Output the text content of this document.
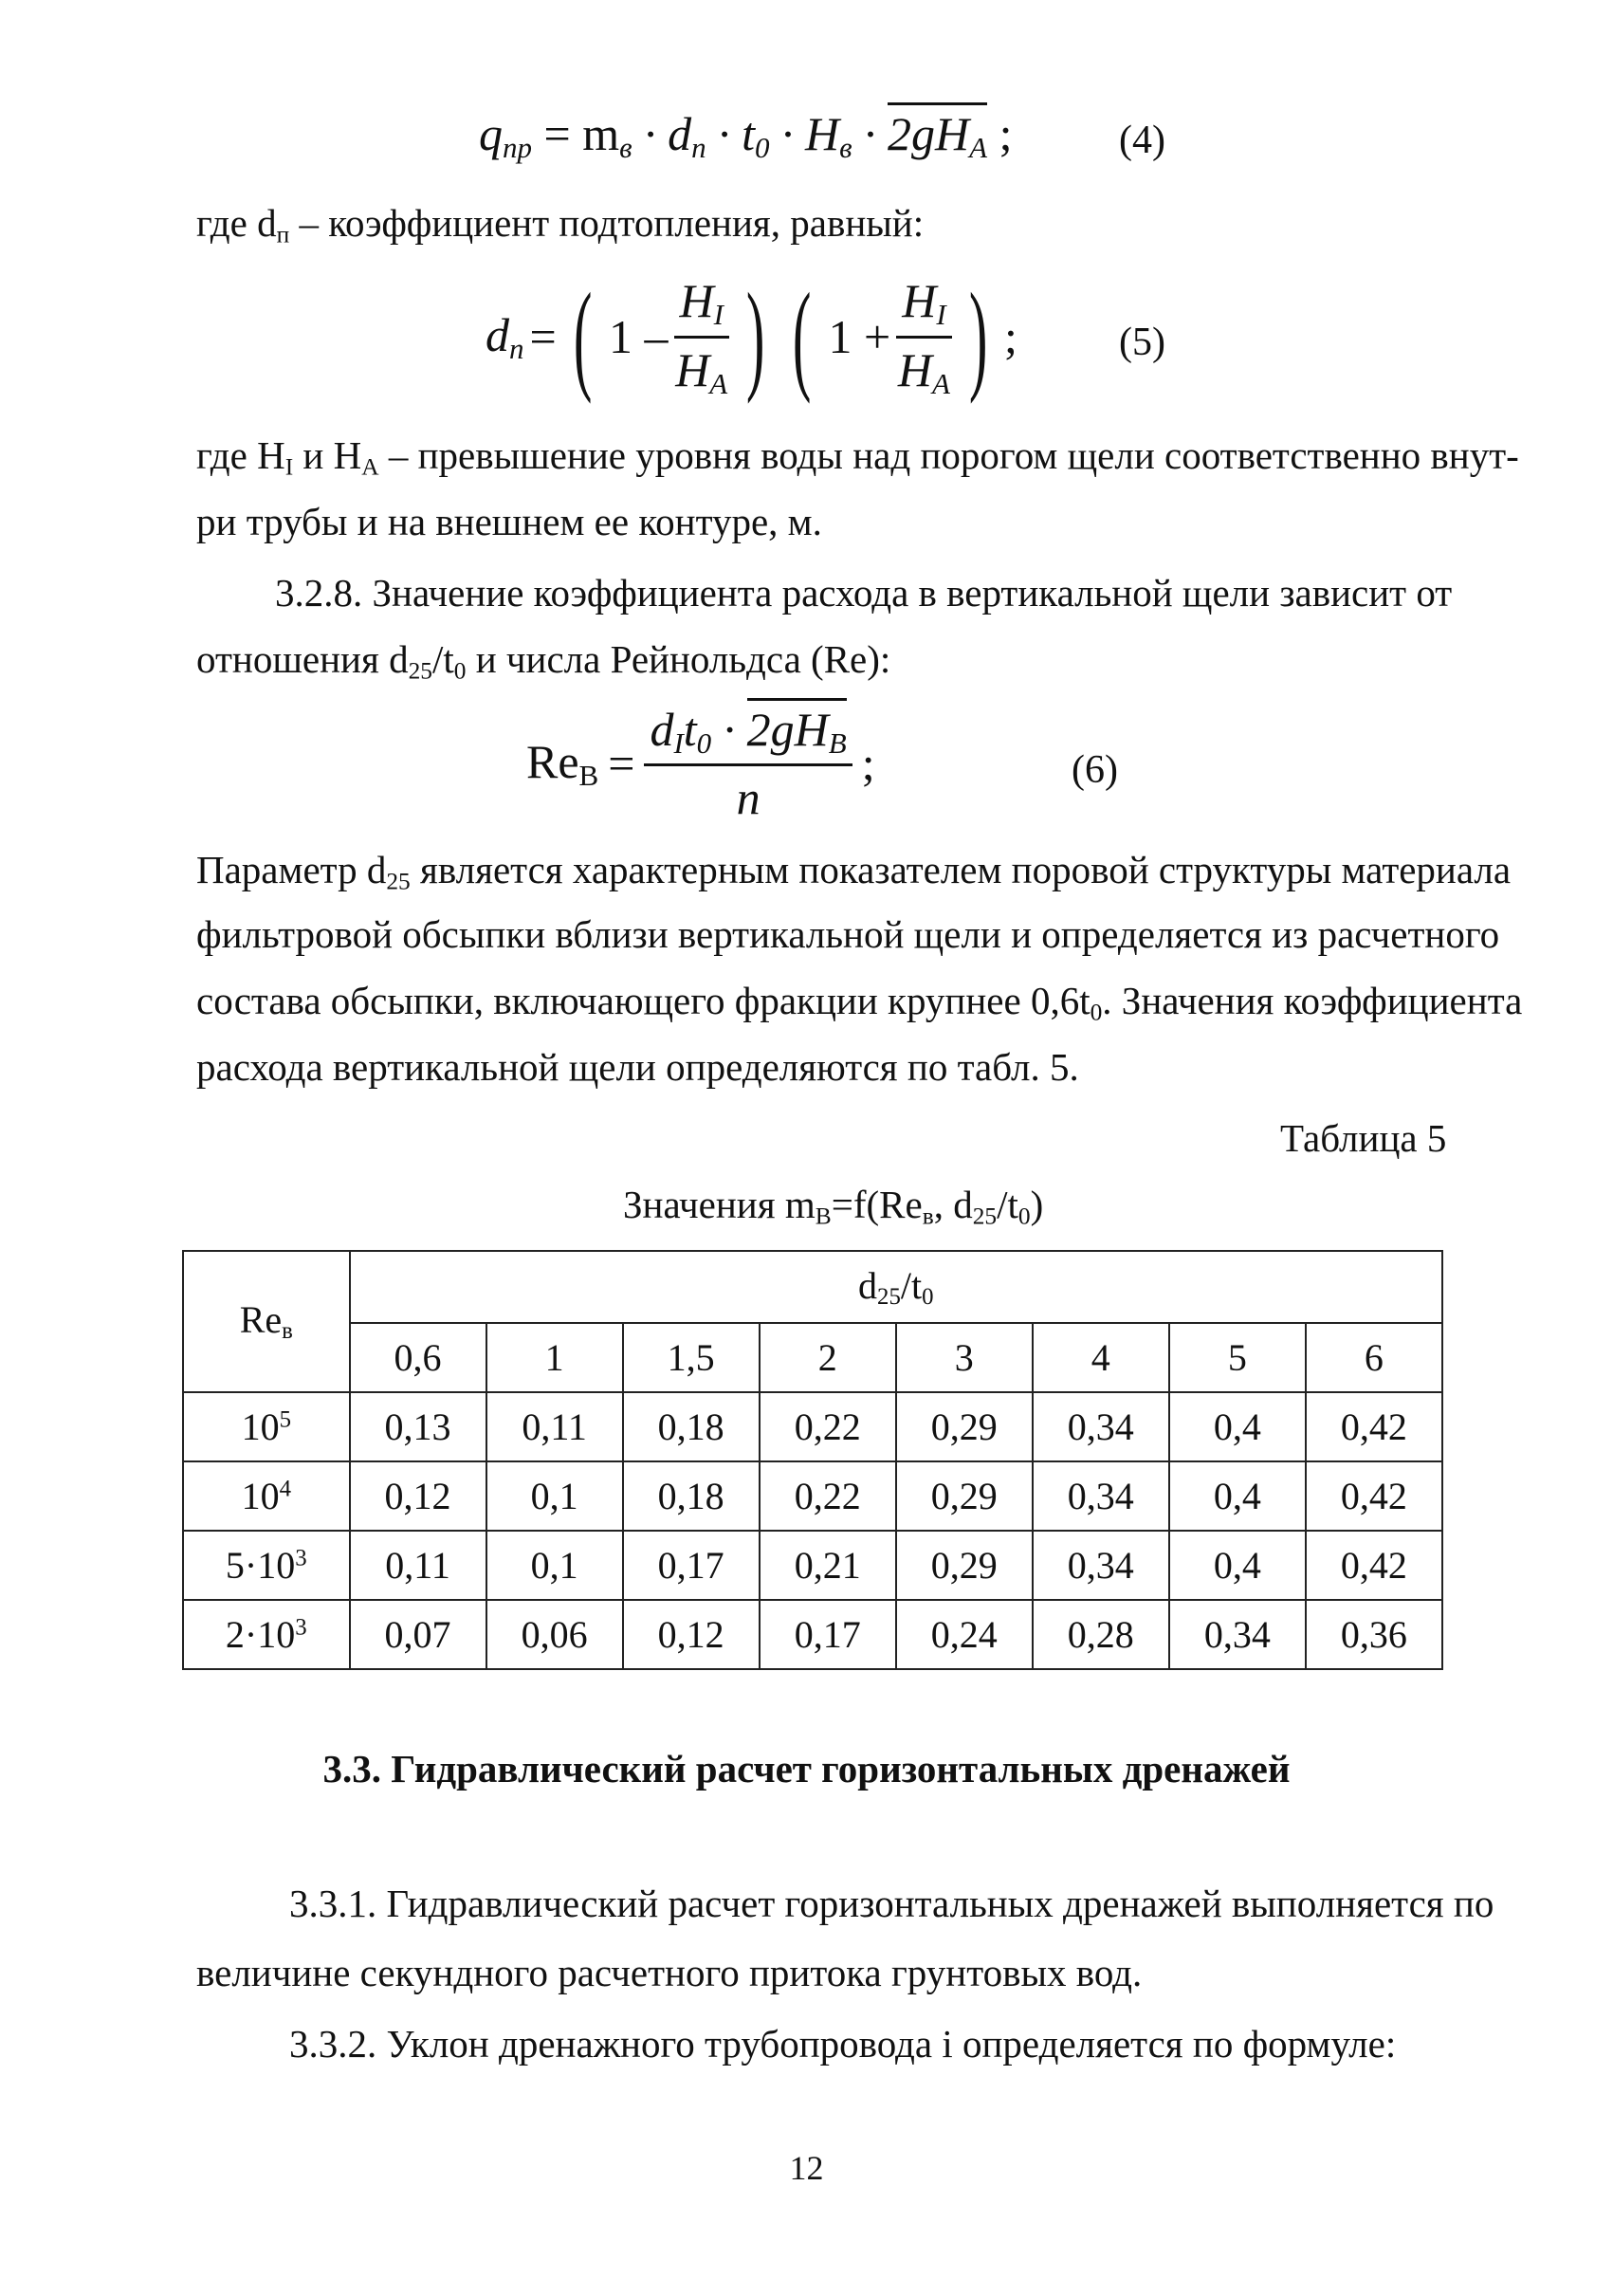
$q_{пр} = m_в \cdot d_п \cdot t_0 \cdot H_в \cdot 2gH_А$ ;	(4)
где $d_п$ – коэффициент подтопления, равный:
$d_п$ = ( $1 - \frac{H_I}{H_А}$ ) ( $1 + \frac{H_I}{H_А}$ ) ;	(5)
где $H_I$ и $H_А$ – превышение уровня воды над порогом щели соответственно внут-
ри трубы и на внешнем ее контуре, м.
3.2.8. Значение коэффициента расхода в вертикальной щели зависит от
отношения $d_{25}/t_0$ и числа Рейнольдса (Re):
$Re_B = \frac{d_It_0 \cdot 2gH_B}{n}$ ;	(6)
Параметр $d_{25}$ является характерным показателем поровой структуры материала
фильтровой обсыпки вблизи вертикальной щели и определяется из расчетного
состава обсыпки, включающего фракции крупнее $0,6t_0$. Значения коэффициента
расхода вертикальной щели определяются по табл. 5.
Таблица 5
Значения $m_B=f(Re_в$, $d_{25}/t_0$)
$Re_в$	$d_{25}/t_0$
	0,6	1	1,5	2	3	4	5	6
$10^5$	0,13	0,11	0,18	0,22	0,29	0,34	0,4	0,42
$10^4$	0,12	0,1	0,18	0,22	0,29	0,34	0,4	0,42
$5\cdot 10^3$	0,11	0,1	0,17	0,21	0,29	0,34	0,4	0,42
$2\cdot 10^3$	0,07	0,06	0,12	0,17	0,24	0,28	0,34	0,36
3.3. Гидравлический расчет горизонтальных дренажей
3.3.1. Гидравлический расчет горизонтальных дренажей выполняется по
величине секундного расчетного притока грунтовых вод.
3.3.2. Уклон дренажного трубопровода i определяется по формуле:
12
